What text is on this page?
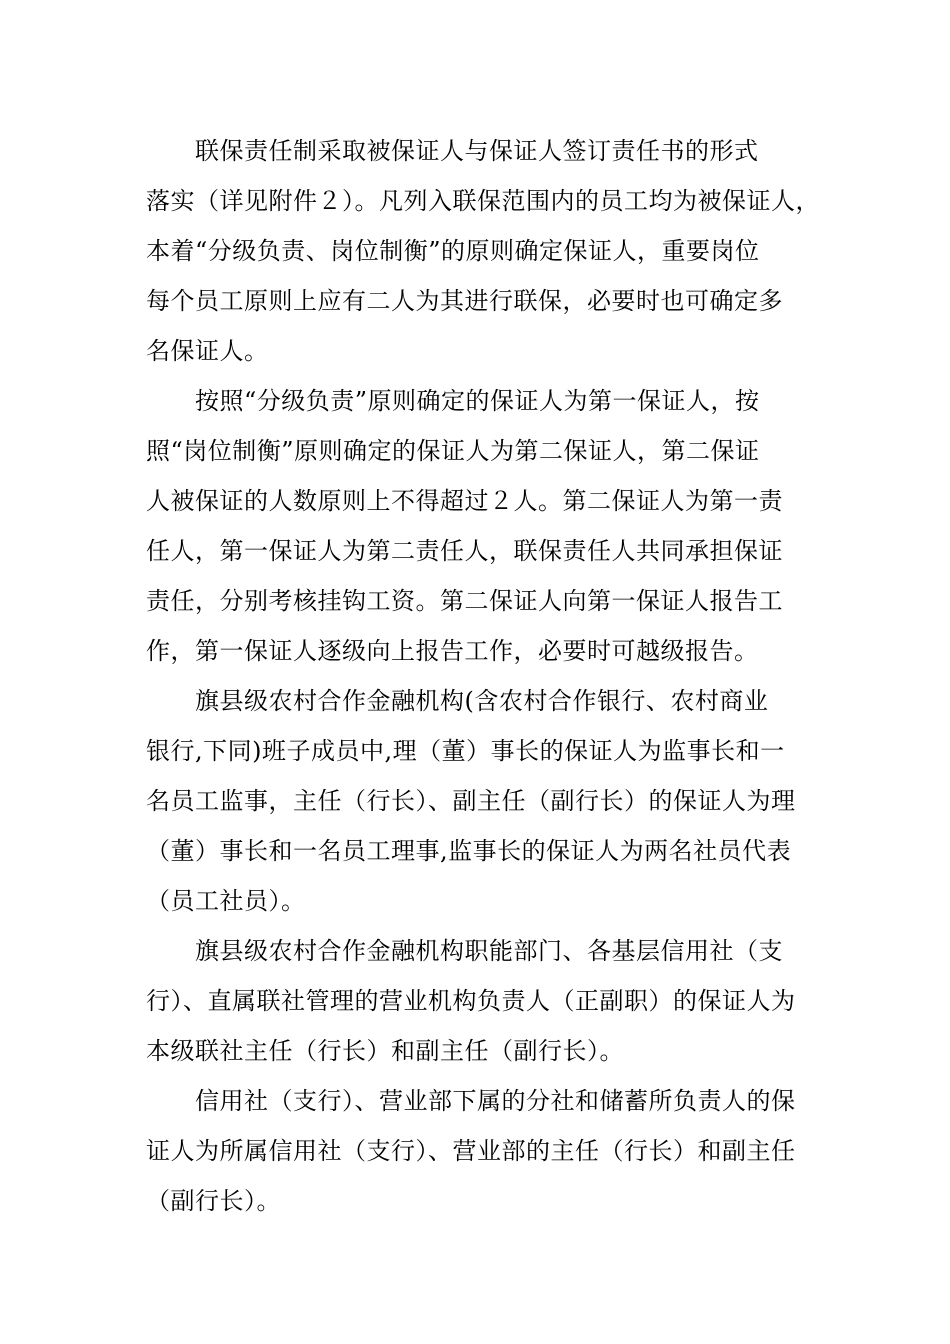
联保责任制采取被保证人与保证人签订责任书的形式
落实（详见附件２）。凡列入联保范围内的员工均为被保证人，
本着“分级负责、岗位制衡”的原则确定保证人，重要岗位
每个员工原则上应有二人为其进行联保，必要时也可确定多
名保证人。
按照“分级负责”原则确定的保证人为第一保证人，按
照“岗位制衡”原则确定的保证人为第二保证人，第二保证
人被保证的人数原则上不得超过２人。第二保证人为第一责
任人，第一保证人为第二责任人，联保责任人共同承担保证
责任，分别考核挂钩工资。第二保证人向第一保证人报告工
作，第一保证人逐级向上报告工作，必要时可越级报告。
旗县级农村合作金融机构(含农村合作银行、农村商业
银行,下同)班子成员中,理（董）事长的保证人为监事长和一
名员工监事，主任（行长）、副主任（副行长）的保证人为理
（董）事长和一名员工理事,监事长的保证人为两名社员代表
（员工社员）。
旗县级农村合作金融机构职能部门、各基层信用社（支
行）、直属联社管理的营业机构负责人（正副职）的保证人为
本级联社主任（行长）和副主任（副行长）。
信用社（支行）、营业部下属的分社和储蓄所负责人的保
证人为所属信用社（支行）、营业部的主任（行长）和副主任
（副行长）。
